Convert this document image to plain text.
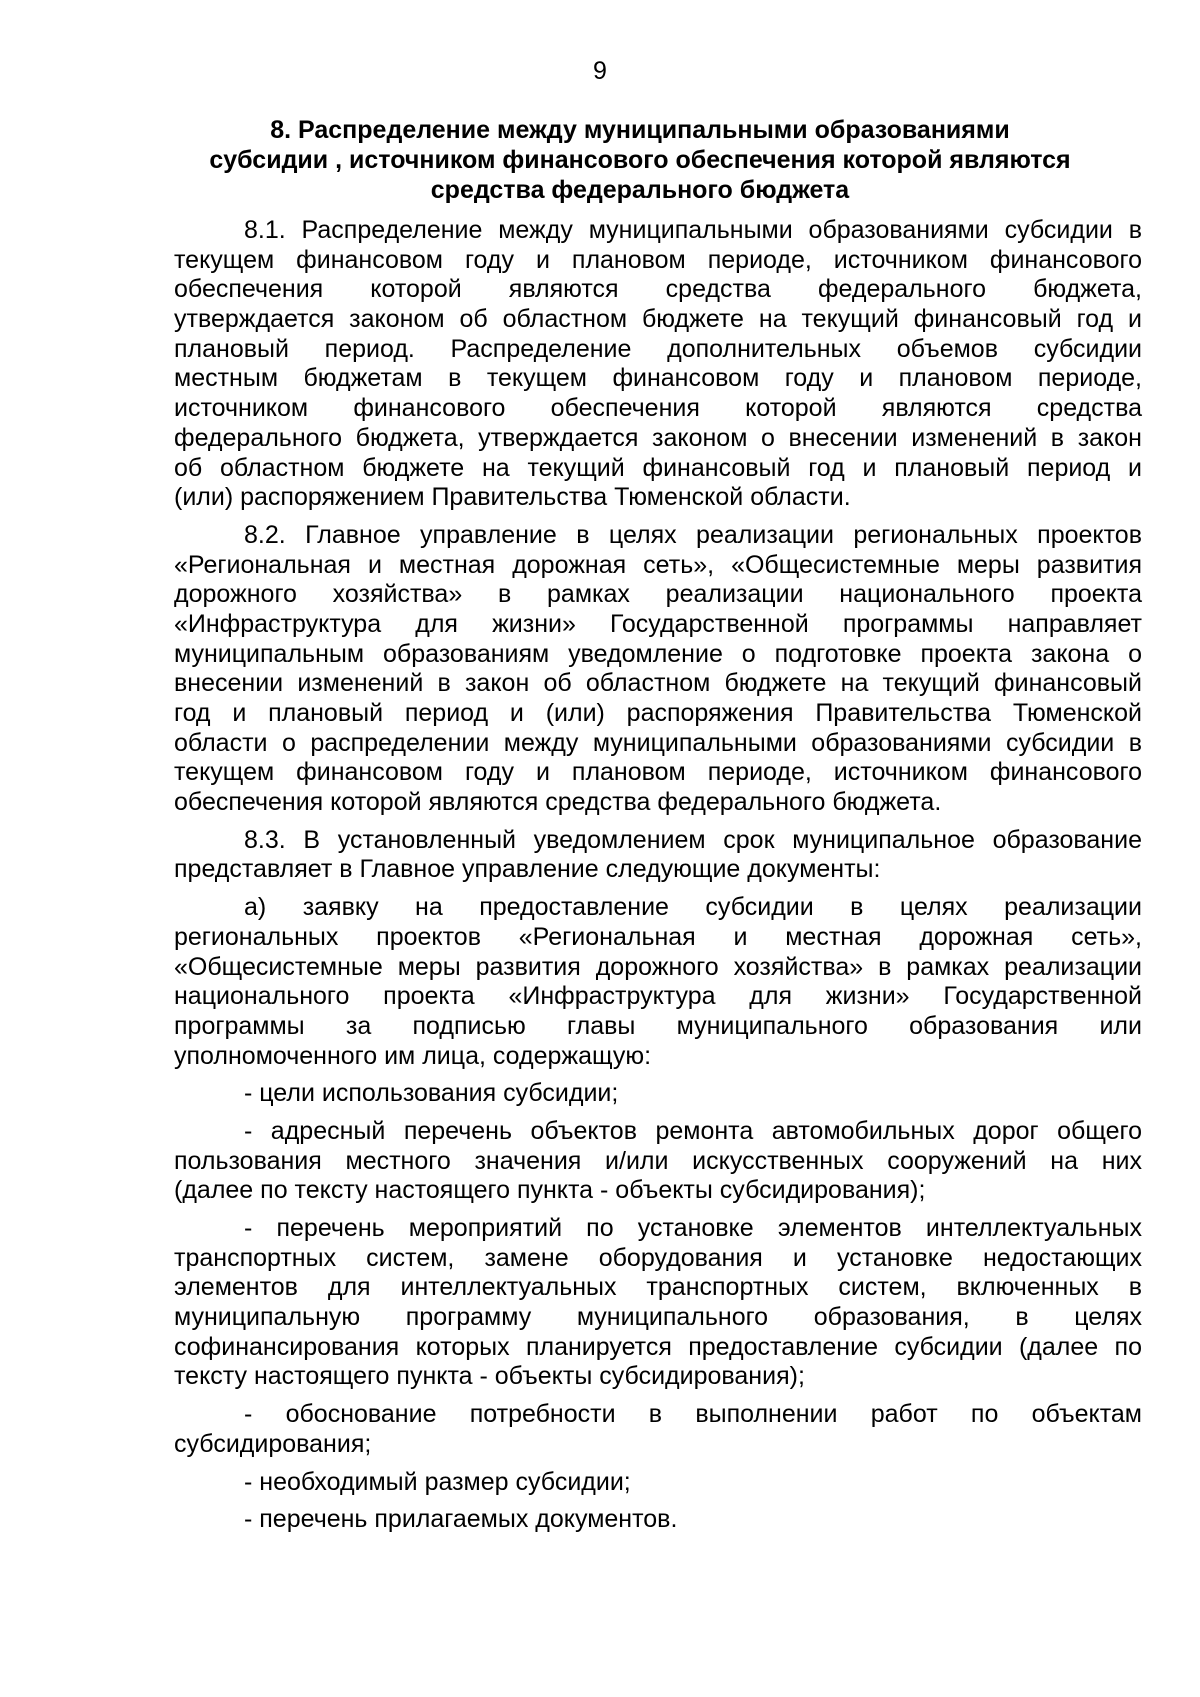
9
8. Распределение между муниципальными образованиями
субсидии , источником финансового обеспечения которой являются
средства федерального бюджета
8.1. Распределение между муниципальными образованиями субсидии в
текущем финансовом году и плановом периоде, источником финансового
обеспечения которой являются средства федерального бюджета,
утверждается законом об областном бюджете на текущий финансовый год и
плановый период. Распределение дополнительных объемов субсидии
местным бюджетам в текущем финансовом году и плановом периоде,
источником финансового обеспечения которой являются средства
федерального бюджета, утверждается законом о внесении изменений в закон
об областном бюджете на текущий финансовый год и плановый период и
(или) распоряжением Правительства Тюменской области.
8.2. Главное управление в целях реализации региональных проектов
«Региональная и местная дорожная сеть», «Общесистемные меры развития
дорожного хозяйства» в рамках реализации национального проекта
«Инфраструктура для жизни» Государственной программы направляет
муниципальным образованиям уведомление о подготовке проекта закона о
внесении изменений в закон об областном бюджете на текущий финансовый
год и плановый период и (или) распоряжения Правительства Тюменской
области о распределении между муниципальными образованиями субсидии в
текущем финансовом году и плановом периоде, источником финансового
обеспечения которой являются средства федерального бюджета.
8.3. В установленный уведомлением срок муниципальное образование
представляет в Главное управление следующие документы:
а) заявку на предоставление субсидии в целях реализации
региональных проектов «Региональная и местная дорожная сеть»,
«Общесистемные меры развития дорожного хозяйства» в рамках реализации
национального проекта «Инфраструктура для жизни» Государственной
программы за подписью главы муниципального образования или
уполномоченного им лица, содержащую:
- цели использования субсидии;
- адресный перечень объектов ремонта автомобильных дорог общего
пользования местного значения и/или искусственных сооружений на них
(далее по тексту настоящего пункта - объекты субсидирования);
- перечень мероприятий по установке элементов интеллектуальных
транспортных систем, замене оборудования и установке недостающих
элементов для интеллектуальных транспортных систем, включенных в
муниципальную программу муниципального образования, в целях
софинансирования которых планируется предоставление субсидии (далее по
тексту настоящего пункта - объекты субсидирования);
- обоснование потребности в выполнении работ по объектам
субсидирования;
- необходимый размер субсидии;
- перечень прилагаемых документов.
